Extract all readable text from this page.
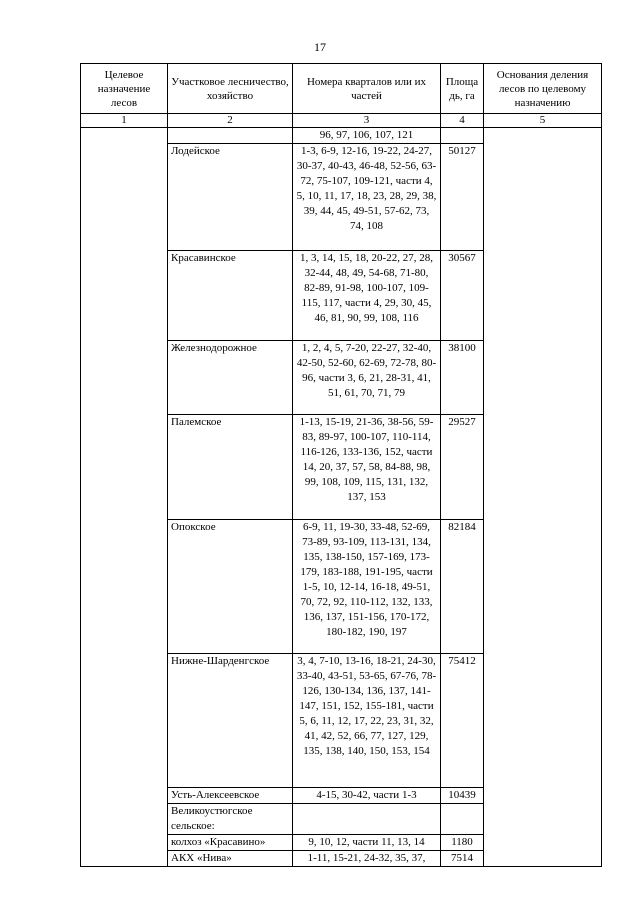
17
Целевое назначение лесов	Участковое лесничество, хозяйство	Номера кварталов или их частей	Площа дь, га	Основания деления лесов по целевому назначению
1	2	3	4	5
		96, 97, 106, 107, 121		
	Лодейское	1-3, 6-9, 12-16, 19-22, 24-27, 30-37, 40-43, 46-48, 52-56, 63-72, 75-107, 109-121, части 4, 5, 10, 11, 17, 18, 23, 28, 29, 38, 39, 44, 45, 49-51, 57-62, 73, 74, 108	50127	
	Красавинское	1, 3, 14, 15, 18, 20-22, 27, 28, 32-44, 48, 49, 54-68, 71-80, 82-89, 91-98, 100-107, 109-115, 117, части 4, 29, 30, 45, 46, 81, 90, 99, 108, 116	30567	
	Железнодорожное	1, 2, 4, 5, 7-20, 22-27, 32-40, 42-50, 52-60, 62-69, 72-78, 80-96, части 3, 6, 21, 28-31, 41, 51, 61, 70, 71, 79	38100	
	Палемское	1-13, 15-19, 21-36, 38-56, 59-83, 89-97, 100-107, 110-114, 116-126, 133-136, 152, части 14, 20, 37, 57, 58, 84-88, 98, 99, 108, 109, 115, 131, 132, 137, 153	29527	
	Опокское	6-9, 11, 19-30, 33-48, 52-69, 73-89, 93-109, 113-131, 134, 135, 138-150, 157-169, 173-179, 183-188, 191-195, части 1-5, 10, 12-14, 16-18, 49-51, 70, 72, 92, 110-112, 132, 133, 136, 137, 151-156, 170-172, 180-182, 190, 197	82184	
	Нижне-Шарденгское	3, 4, 7-10, 13-16, 18-21, 24-30, 33-40, 43-51, 53-65, 67-76, 78-126, 130-134, 136, 137, 141-147, 151, 152, 155-181, части 5, 6, 11, 12, 17, 22, 23, 31, 32, 41, 42, 52, 66, 77, 127, 129, 135, 138, 140, 150, 153, 154	75412	
	Усть-Алексеевское	4-15, 30-42, части 1-3	10439	
	Великоустюгское сельское:			
	колхоз «Красавино»	9, 10, 12, части 11, 13, 14	1180	
	АКХ «Нива»	1-11, 15-21, 24-32, 35, 37,	7514	
